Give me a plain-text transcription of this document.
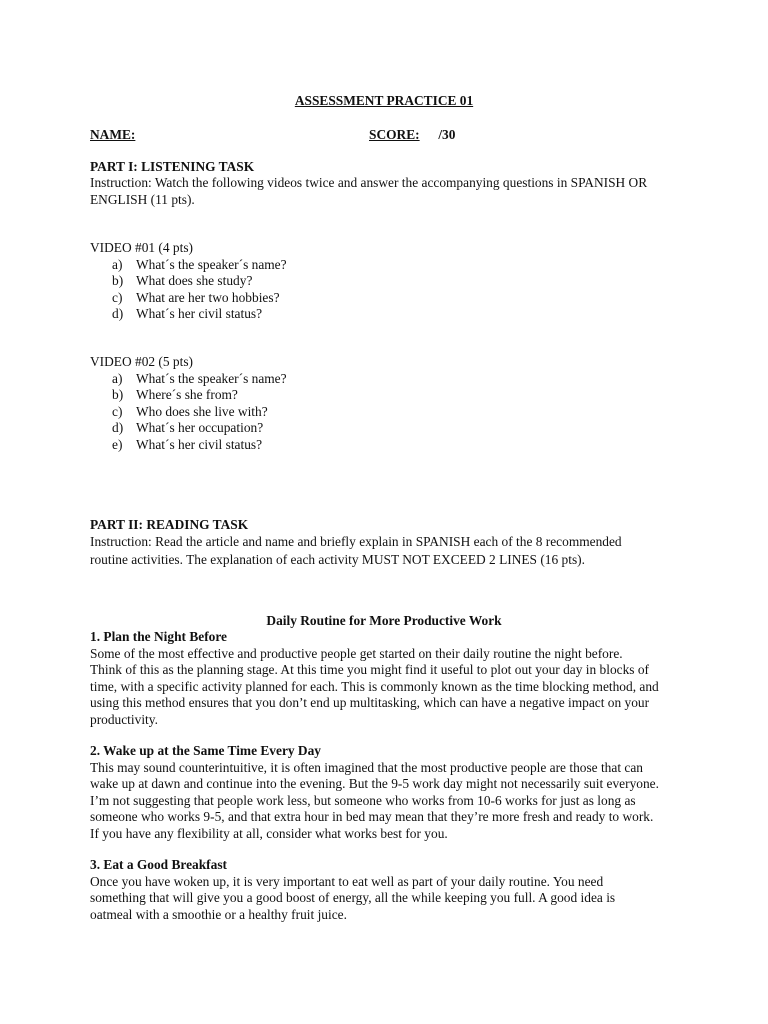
ASSESSMENT PRACTICE 01
NAME:	SCORE: /30
PART I: LISTENING TASK
Instruction: Watch the following videos twice and answer the accompanying questions in SPANISH OR
ENGLISH (11 pts).
VIDEO #01 (4 pts)
a) What´s the speaker´s name?
b) What does she study?
c) What are her two hobbies?
d) What´s her civil status?
VIDEO #02 (5 pts)
a) What´s the speaker´s name?
b) Where´s she from?
c) Who does she live with?
d) What´s her occupation?
e) What´s her civil status?
PART II: READING TASK
Instruction: Read the article and name and briefly explain in SPANISH each of the 8 recommended
routine activities. The explanation of each activity MUST NOT EXCEED 2 LINES (16 pts).
Daily Routine for More Productive Work
1. Plan the Night Before
Some of the most effective and productive people get started on their daily routine the night before.
Think of this as the planning stage. At this time you might find it useful to plot out your day in blocks of
time, with a specific activity planned for each. This is commonly known as the time blocking method, and
using this method ensures that you don’t end up multitasking, which can have a negative impact on your
productivity.
2. Wake up at the Same Time Every Day
This may sound counterintuitive, it is often imagined that the most productive people are those that can
wake up at dawn and continue into the evening. But the 9-5 work day might not necessarily suit everyone.
I’m not suggesting that people work less, but someone who works from 10-6 works for just as long as
someone who works 9-5, and that extra hour in bed may mean that they’re more fresh and ready to work.
If you have any flexibility at all, consider what works best for you.
3. Eat a Good Breakfast
Once you have woken up, it is very important to eat well as part of your daily routine. You need
something that will give you a good boost of energy, all the while keeping you full. A good idea is
oatmeal with a smoothie or a healthy fruit juice.
